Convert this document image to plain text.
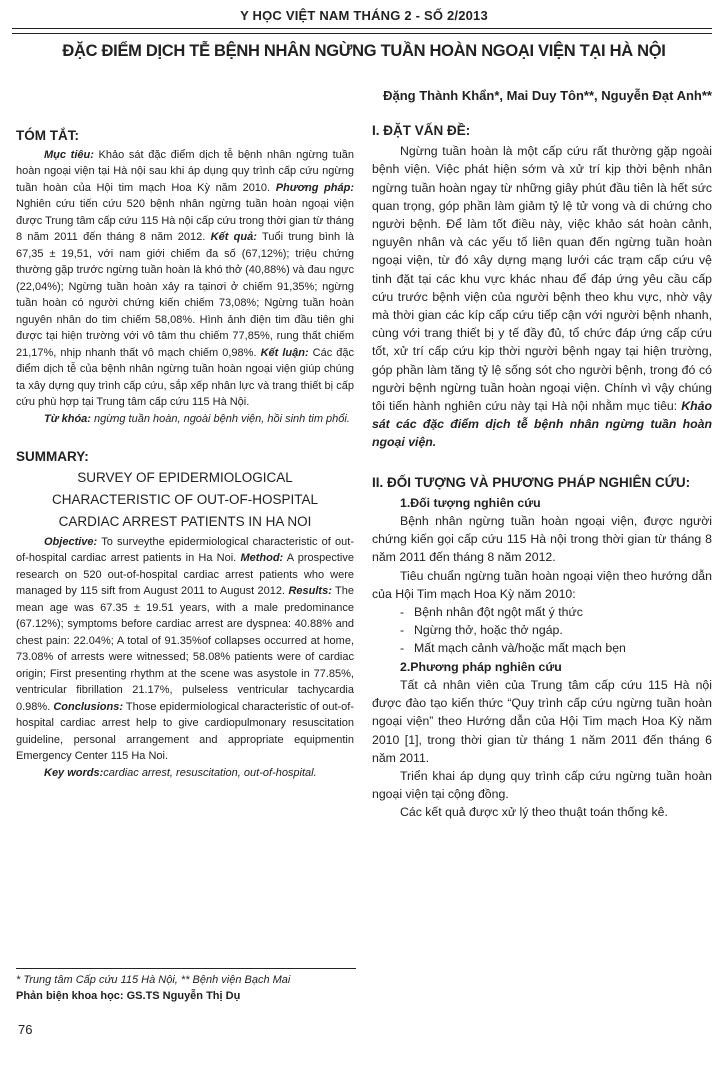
Y HỌC VIỆT NAM THÁNG 2 - SỐ 2/2013
ĐẶC ĐIỂM DỊCH TỄ BỆNH NHÂN NGỪNG TUẦN HOÀN NGOẠI VIỆN TẠI HÀ NỘI
Đặng Thành Khẩn*, Mai Duy Tôn**, Nguyễn Đạt Anh**
TÓM TẮT:

Mục tiêu: Khảo sát đặc điểm dịch tễ bệnh nhân ngừng tuần hoàn ngoại viện tại Hà nội sau khi áp dụng quy trình cấp cứu ngừng tuần hoàn của Hội tim mạch Hoa Kỳ năm 2010. Phương pháp: Nghiên cứu tiến cứu 520 bệnh nhân ngừng tuần hoàn ngoại viện được Trung tâm cấp cứu 115 Hà nội cấp cứu trong thời gian từ tháng 8 năm 2011 đến tháng 8 năm 2012. Kết quả: Tuổi trung bình là 67,35 ± 19,51, với nam giới chiếm đa số (67,12%); triệu chứng thường gặp trước ngừng tuần hoàn là khó thở (40,88%) và đau ngực (22,04%); Ngừng tuần hoàn xảy ra tạinơi ở chiếm 91,35%; ngừng tuần hoàn có người chứng kiến chiếm 73,08%; Ngừng tuần hoàn nguyên nhân do tim chiếm 58,08%. Hình ảnh điện tim đầu tiên ghi được tại hiện trường với vô tâm thu chiếm 77,85%, rung thất chiếm 21,17%, nhịp nhanh thất vô mạch chiếm 0,98%. Kết luận: Các đặc điểm dịch tễ của bệnh nhân ngừng tuần hoàn ngoại viện giúp chúng ta xây dựng quy trình cấp cứu, sắp xếp nhân lực và trang thiết bị cấp cứu phù hợp tại Trung tâm cấp cứu 115 Hà Nội.

Từ khóa: ngừng tuần hoàn, ngoài bệnh viện, hồi sinh tim phổi.

SUMMARY:
SURVEY OF EPIDERMIOLOGICAL
CHARACTERISTIC OF OUT-OF-HOSPITAL
CARDIAC ARREST PATIENTS IN HA NOI

Objective: To surveythe epidermiological characteristic of out-of-hospital cardiac arrest patients in Ha Noi. Method: A prospective research on 520 out-of-hospital cardiac arrest patients who were managed by 115 sift from August 2011 to August 2012. Results: The mean age was 67.35 ± 19.51 years, with a male predominance (67.12%); symptoms before cardiac arrest are dyspnea: 40.88% and chest pain: 22.04%; A total of 91.35%of collapses occurred at home, 73.08% of arrests were witnessed; 58.08% patients were of cardiac origin; First presenting rhythm at the scene was asystole in 77.85%, ventricular fibrillation 21.17%, pulseless ventricular tachycardia 0.98%. Conclusions: Those epidermiological characteristic of out-of-hospital cardiac arrest help to give cardiopulmonary resuscitation guideline, personal arrangement and appropriate equipmentin Emergency Center 115 Ha Noi.

Key words:cardiac arrest, resuscitation, out-of-hospital.

I. ĐẶT VẤN ĐỀ:

Ngừng tuần hoàn là một cấp cứu rất thường gặp ngoài bệnh viện. Việc phát hiện sớm và xử trí kịp thời bệnh nhân ngừng tuần hoàn ngay từ những giây phút đầu tiên là hết sức quan trọng, góp phần làm giảm tỷ lệ tử vong và di chứng cho người bệnh. Để làm tốt điều này, việc khảo sát hoàn cảnh, nguyên nhân và các yếu tố liên quan đến ngừng tuần hoàn ngoại viện, từ đó xây dựng mạng lưới các trạm cấp cứu vệ tinh đặt tại các khu vực khác nhau để đáp ứng yêu cầu cấp cứu trước bệnh viện của người bệnh theo khu vực, nhờ vậy mà thời gian các kíp cấp cứu tiếp cận với người bệnh nhanh, cùng với trang thiết bị y tế đầy đủ, tổ chức đáp ứng cấp cứu tốt, xử trí cấp cứu kịp thời người bệnh ngay tại hiện trường, góp phần làm tăng tỷ lệ sống sót cho người bệnh, trong đó có người bệnh ngừng tuần hoàn ngoại viện. Chính vì vậy chúng tôi tiến hành nghiên cứu này tại Hà nội nhằm mục tiêu: Khảo sát các đặc điểm dịch tễ bệnh nhân ngừng tuần hoàn ngoại viện.

II. ĐỐI TƯỢNG VÀ PHƯƠNG PHÁP NGHIÊN CỨU:

1.Đối tượng nghiên cứu

Bệnh nhân ngừng tuần hoàn ngoại viện, được người chứng kiến gọi cấp cứu 115 Hà nội trong thời gian từ tháng 8 năm 2011 đến tháng 8 năm 2012.

Tiêu chuẩn ngừng tuần hoàn ngoại viện theo hướng dẫn của Hội Tim mạch Hoa Kỳ năm 2010:

- Bệnh nhân đột ngột mất ý thức

- Ngừng thở, hoặc thở ngáp.

- Mất mạch cảnh và/hoặc mất mạch bẹn

2.Phương pháp nghiên cứu

Tất cả nhân viên của Trung tâm cấp cứu 115 Hà nội được đào tạo kiến thức “Quy trình cấp cứu ngừng tuần hoàn ngoại viện” theo Hướng dẫn của Hội Tim mạch Hoa Kỳ năm 2010 [1], trong thời gian từ tháng 1 năm 2011 đến tháng 6 năm 2011.

Triển khai áp dụng quy trình cấp cứu ngừng tuần hoàn ngoại viện tại cộng đồng.

Các kết quả được xử lý theo thuật toán thống kê.

* Trung tâm Cấp cứu 115 Hà Nội, ** Bệnh viện Bạch Mai
Phản biện khoa học: GS.TS Nguyễn Thị Dụ
76
